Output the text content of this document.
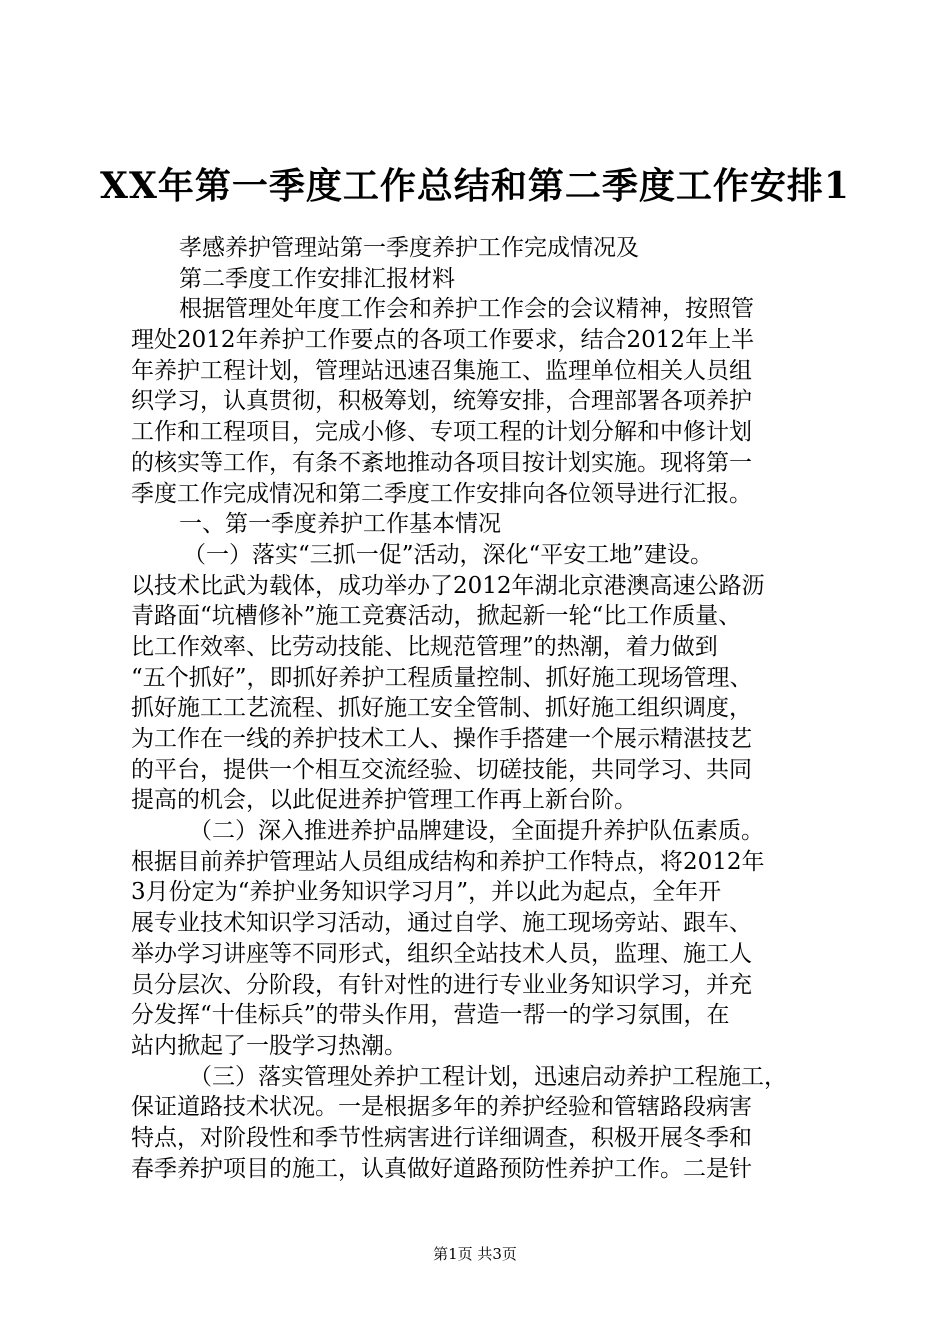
XX年第一季度工作总结和第二季度工作安排1
孝感养护管理站第一季度养护工作完成情况及
第二季度工作安排汇报材料
根据管理处年度工作会和养护工作会的会议精神，按照管
理处2012年养护工作要点的各项工作要求，结合2012年上半
年养护工程计划，管理站迅速召集施工、监理单位相关人员组
织学习，认真贯彻，积极筹划，统筹安排，合理部署各项养护
工作和工程项目，完成小修、专项工程的计划分解和中修计划
的核实等工作，有条不紊地推动各项目按计划实施。现将第一
季度工作完成情况和第二季度工作安排向各位领导进行汇报。
一、第一季度养护工作基本情况
（一）落实“三抓一促”活动，深化“平安工地”建设。
以技术比武为载体，成功举办了2012年湖北京港澳高速公路沥
青路面“坑槽修补”施工竞赛活动，掀起新一轮“比工作质量、
比工作效率、比劳动技能、比规范管理”的热潮，着力做到
“五个抓好”，即抓好养护工程质量控制、抓好施工现场管理、
抓好施工工艺流程、抓好施工安全管制、抓好施工组织调度，
为工作在一线的养护技术工人、操作手搭建一个展示精湛技艺
的平台，提供一个相互交流经验、切磋技能，共同学习、共同
提高的机会，以此促进养护管理工作再上新台阶。
（二）深入推进养护品牌建设，全面提升养护队伍素质。
根据目前养护管理站人员组成结构和养护工作特点，将2012年
3月份定为“养护业务知识学习月”，并以此为起点，全年开
展专业技术知识学习活动，通过自学、施工现场旁站、跟车、
举办学习讲座等不同形式，组织全站技术人员，监理、施工人
员分层次、分阶段，有针对性的进行专业业务知识学习，并充
分发挥“十佳标兵”的带头作用，营造一帮一的学习氛围，在
站内掀起了一股学习热潮。
（三）落实管理处养护工程计划，迅速启动养护工程施工，
保证道路技术状况。一是根据多年的养护经验和管辖路段病害
特点，对阶段性和季节性病害进行详细调查，积极开展冬季和
春季养护项目的施工，认真做好道路预防性养护工作。二是针
第1页 共3页
